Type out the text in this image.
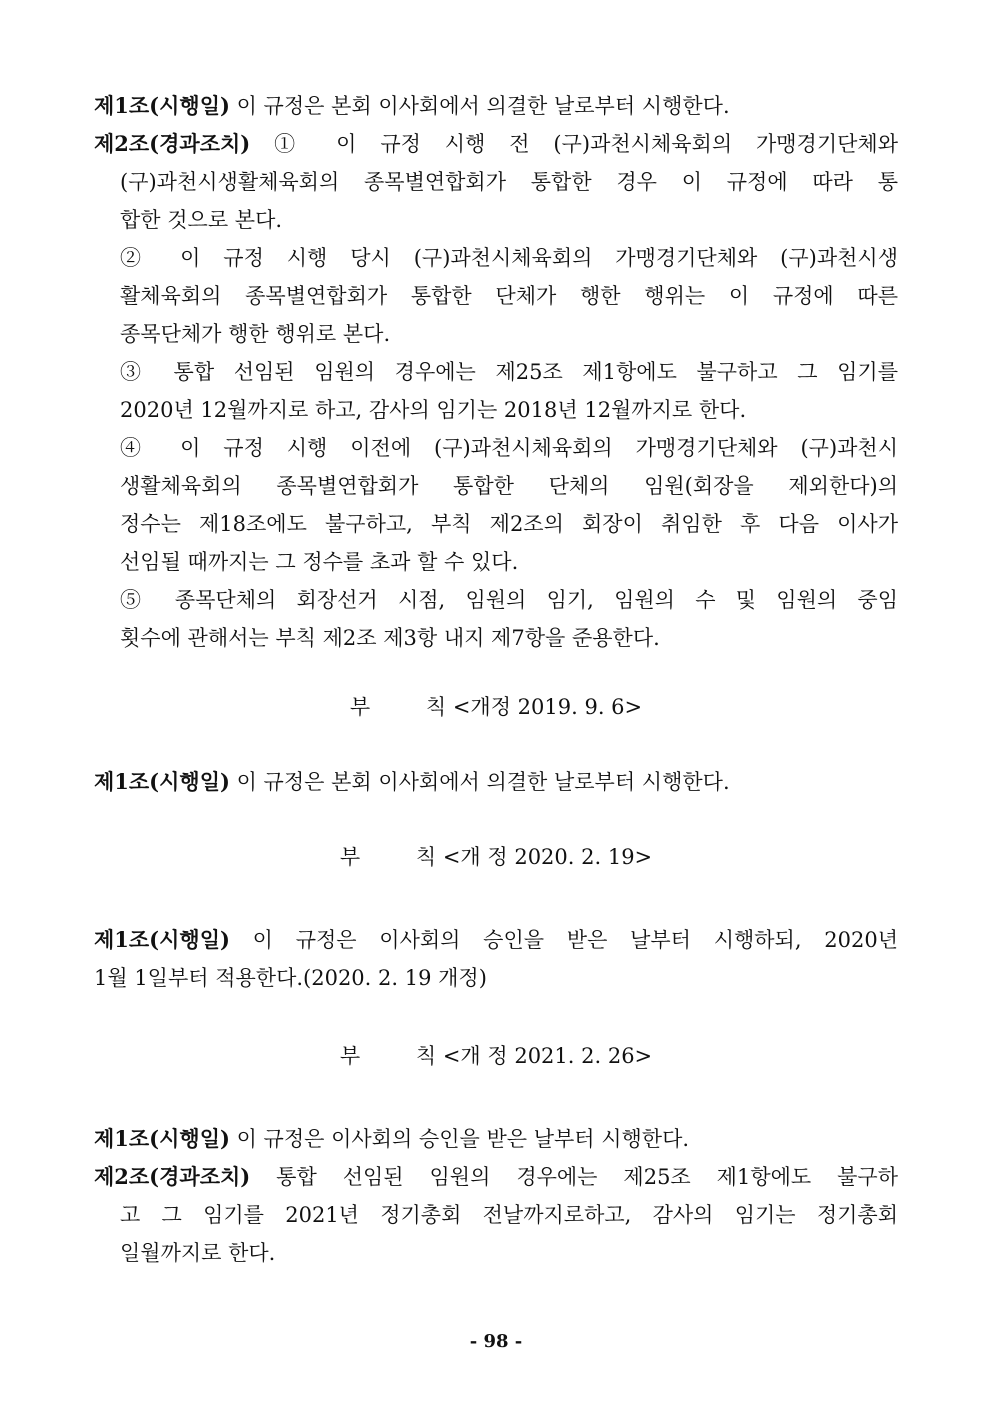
제1조(시행일) 이 규정은 본회 이사회에서 의결한 날로부터 시행한다.
제2조(경과조치) ① 이 규정 시행 전 (구)과천시체육회의 가맹경기단체와
(구)과천시생활체육회의 종목별연합회가 통합한 경우 이 규정에 따라 통
합한 것으로 본다.
② 이 규정 시행 당시 (구)과천시체육회의 가맹경기단체와 (구)과천시생
활체육회의 종목별연합회가 통합한 단체가 행한 행위는 이 규정에 따른
종목단체가 행한 행위로 본다.
③ 통합 선임된 임원의 경우에는 제25조 제1항에도 불구하고 그 임기를
2020년 12월까지로 하고, 감사의 임기는 2018년 12월까지로 한다.
④ 이 규정 시행 이전에 (구)과천시체육회의 가맹경기단체와 (구)과천시
생활체육회의 종목별연합회가 통합한 단체의 임원(회장을 제외한다)의
정수는 제18조에도 불구하고, 부칙 제2조의 회장이 취임한 후 다음 이사가
선임될 때까지는 그 정수를 초과 할 수 있다.
⑤ 종목단체의 회장선거 시점, 임원의 임기, 임원의 수 및 임원의 중임
횟수에 관해서는 부칙 제2조 제3항 내지 제7항을 준용한다.
부	칙 <개정 2019. 9. 6>
제1조(시행일) 이 규정은 본회 이사회에서 의결한 날로부터 시행한다.
부	칙 <개 정 2020. 2. 19>
제1조(시행일) 이 규정은 이사회의 승인을 받은 날부터 시행하되, 2020년
1월 1일부터 적용한다.(2020. 2. 19 개정)
부	칙 <개 정 2021. 2. 26>
제1조(시행일) 이 규정은 이사회의 승인을 받은 날부터 시행한다.
제2조(경과조치) 통합 선임된 임원의 경우에는 제25조 제1항에도 불구하
고 그 임기를 2021년 정기총회 전날까지로하고, 감사의 임기는 정기총회
일월까지로 한다.
- 98 -
